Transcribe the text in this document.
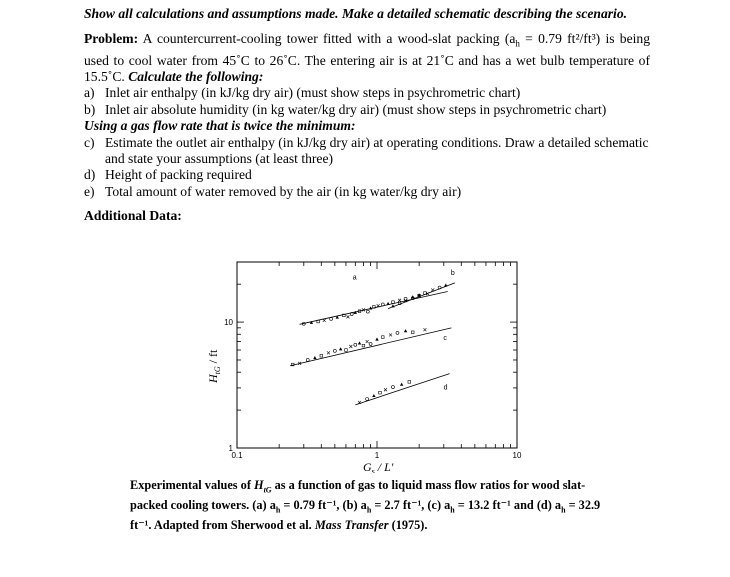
Show all calculations and assumptions made. Make a detailed schematic describing the scenario.

Problem: A countercurrent-cooling tower fitted with a wood-slat packing ($a_h = 0.79$ ft²/ft³) is being used to cool water from 45˚C to 26˚C. The entering air is at 21˚C and has a wet bulb temperature of 15.5˚C. Calculate the following:

a) Inlet air enthalpy (in kJ/kg dry air) (must show steps in psychrometric chart)
b) Inlet air absolute humidity (in kg water/kg dry air) (must show steps in psychrometric chart)

Using a gas flow rate that is twice the minimum:

c) Estimate the outlet air enthalpy (in kJ/kg dry air) at operating conditions. Draw a detailed schematic and state your assumptions (at least three)
d) Height of packing required
e) Total amount of water removed by the air (in kg water/kg dry air)

Additional Data:

0.1	1	10
1
10
a
b
c
d
$H_{tG}$ / ft
$G_s$ / L'
Experimental values of $H_{tG}$ as a function of gas to liquid mass flow ratios for wood slat-packed cooling towers. (a) $a_h = 0.79$ ft⁻¹, (b) $a_h = 2.7$ ft⁻¹, (c) $a_h = 13.2$ ft⁻¹ and (d) $a_h = 32.9$ ft⁻¹. Adapted from Sherwood et al. Mass Transfer (1975).
